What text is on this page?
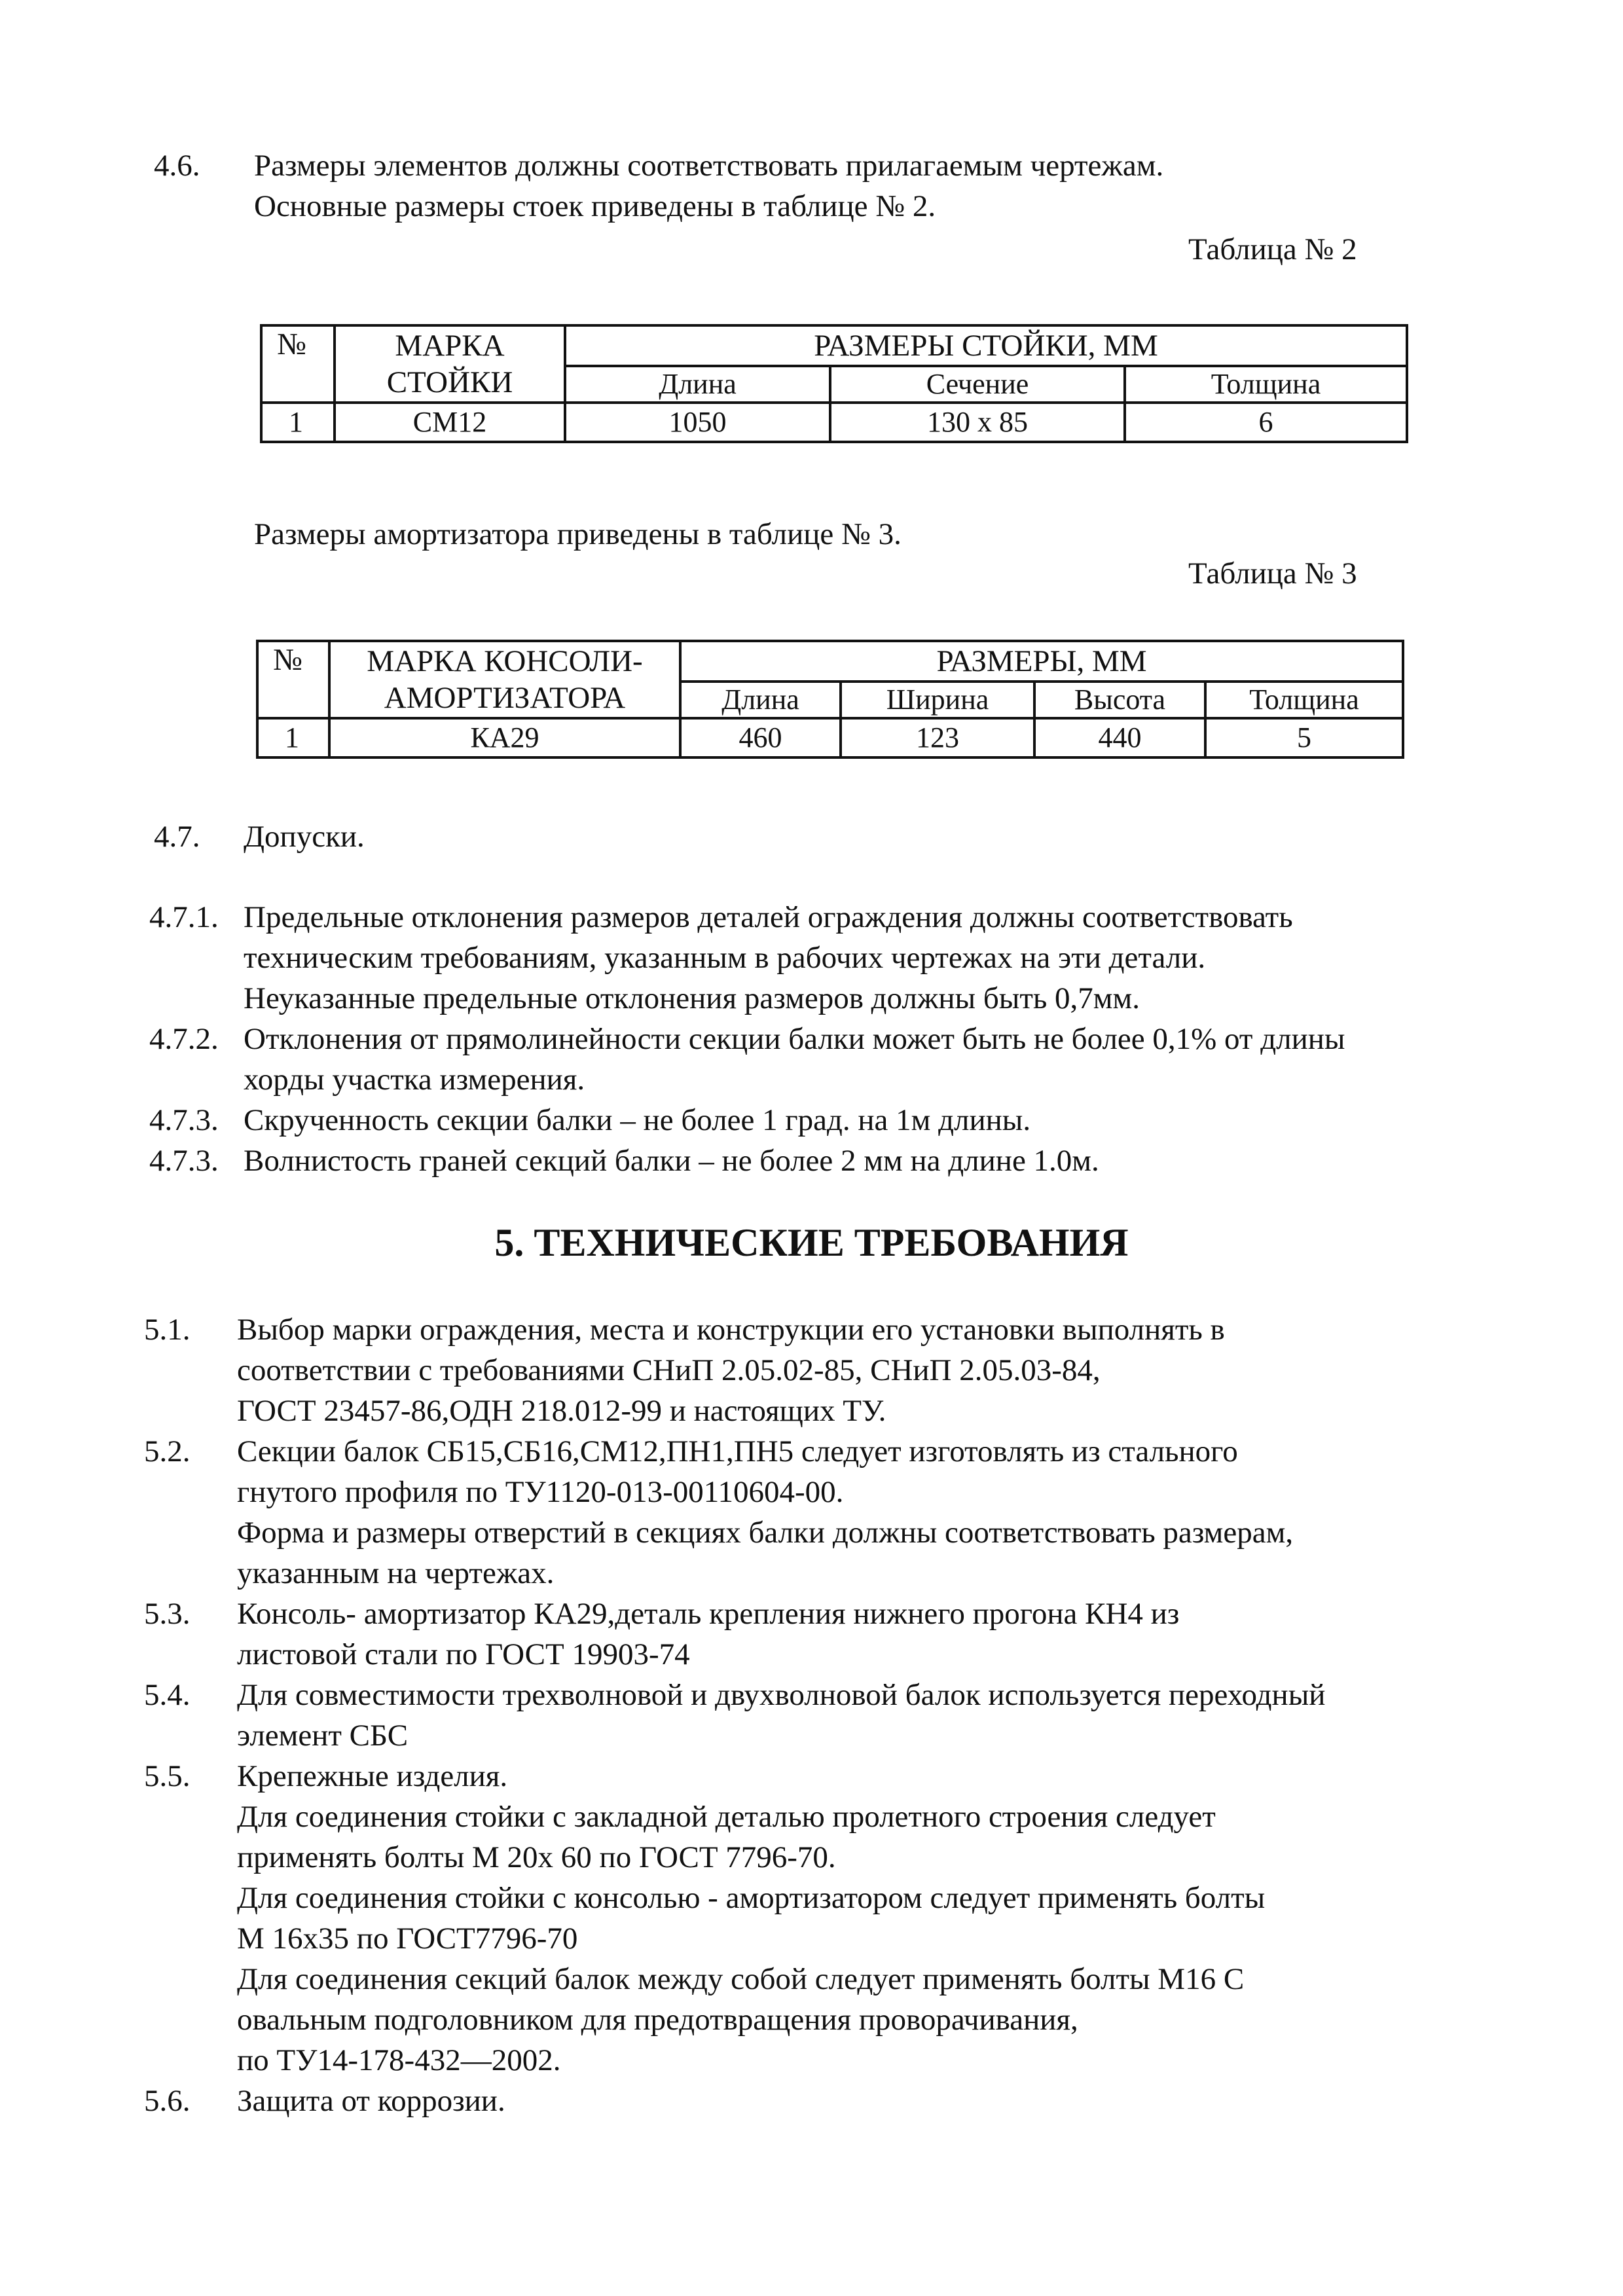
4.6. Размеры элементов должны соответствовать прилагаемым чертежам.
Основные размеры стоек приведены в таблице № 2.
Таблица № 2
№	МАРКА СТОЙКИ	РАЗМЕРЫ СТОЙКИ, ММ		
		Длина	Сечение	Толщина
1	СМ12	1050	130 х 85	6
Размеры амортизатора приведены в таблице № 3.
Таблица № 3
№	МАРКА КОНСОЛИ-АМОРТИЗАТОРА	РАЗМЕРЫ, ММ			
		Длина	Ширина	Высота	Толщина
1	КА29	460	123	440	5
4.7. Допуски.
4.7.1. Предельные отклонения размеров деталей ограждения должны соответствовать
техническим требованиям, указанным в рабочих чертежах на эти детали.
Неуказанные предельные отклонения размеров должны быть 0,7мм.
4.7.2. Отклонения от прямолинейности секции балки может быть не более 0,1% от длины
хорды участка измерения.
4.7.3. Скрученность секции балки – не более 1 град. на 1м длины.
4.7.3. Волнистость граней секций балки – не более 2 мм на длине 1.0м.
5. ТЕХНИЧЕСКИЕ ТРЕБОВАНИЯ
5.1. Выбор марки ограждения, места и конструкции его установки выполнять в
соответствии с требованиями СНиП 2.05.02-85, СНиП 2.05.03-84,
ГОСТ 23457-86,ОДН 218.012-99 и настоящих ТУ.
5.2. Секции балок СБ15,СБ16,СМ12,ПН1,ПН5 следует изготовлять из стального
гнутого профиля по ТУ1120-013-00110604-00.
Форма и размеры отверстий в секциях балки должны соответствовать размерам,
указанным на чертежах.
5.3. Консоль- амортизатор КА29,деталь крепления нижнего прогона КН4 из
листовой стали по ГОСТ 19903-74
5.4. Для совместимости трехволновой и двухволновой балок используется переходный
элемент СБС
5.5. Крепежные изделия.
Для соединения стойки с закладной деталью пролетного строения следует
применять болты М 20х 60 по ГОСТ 7796-70.
Для соединения стойки с консолью - амортизатором следует применять болты
М 16х35 по ГОСТ7796-70
Для соединения секций балок между собой следует применять болты М16 С
овальным подголовником для предотвращения проворачивания,
по ТУ14-178-432—2002.
5.6. Защита от коррозии.
